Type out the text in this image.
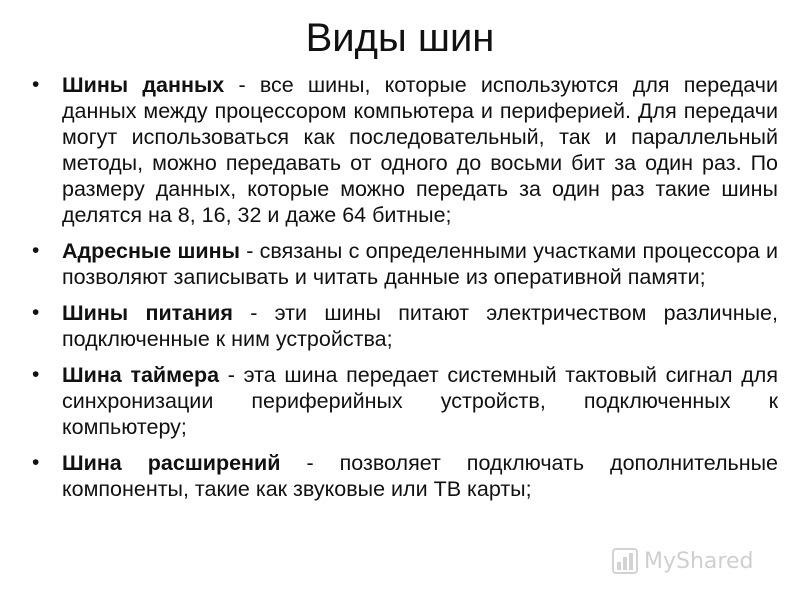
Виды шин
• Шины данных - все шины, которые используются для передачи данных между процессором компьютера и периферией. Для передачи могут использоваться как последовательный, так и параллельный методы, можно передавать от одного до восьми бит за один раз. По размеру данных, которые можно передать за один раз такие шины делятся на 8, 16, 32 и даже 64 битные;
• Адресные шины - связаны с определенными участками процессора и позволяют записывать и читать данные из оперативной памяти;
• Шины питания - эти шины питают электричеством различные, подключенные к ним устройства;
• Шина таймера - эта шина передает системный тактовый сигнал для синхронизации периферийных устройств, подключенных к компьютеру;
• Шина расширений - позволяет подключать дополнительные компоненты, такие как звуковые или ТВ карты;
MyShared
